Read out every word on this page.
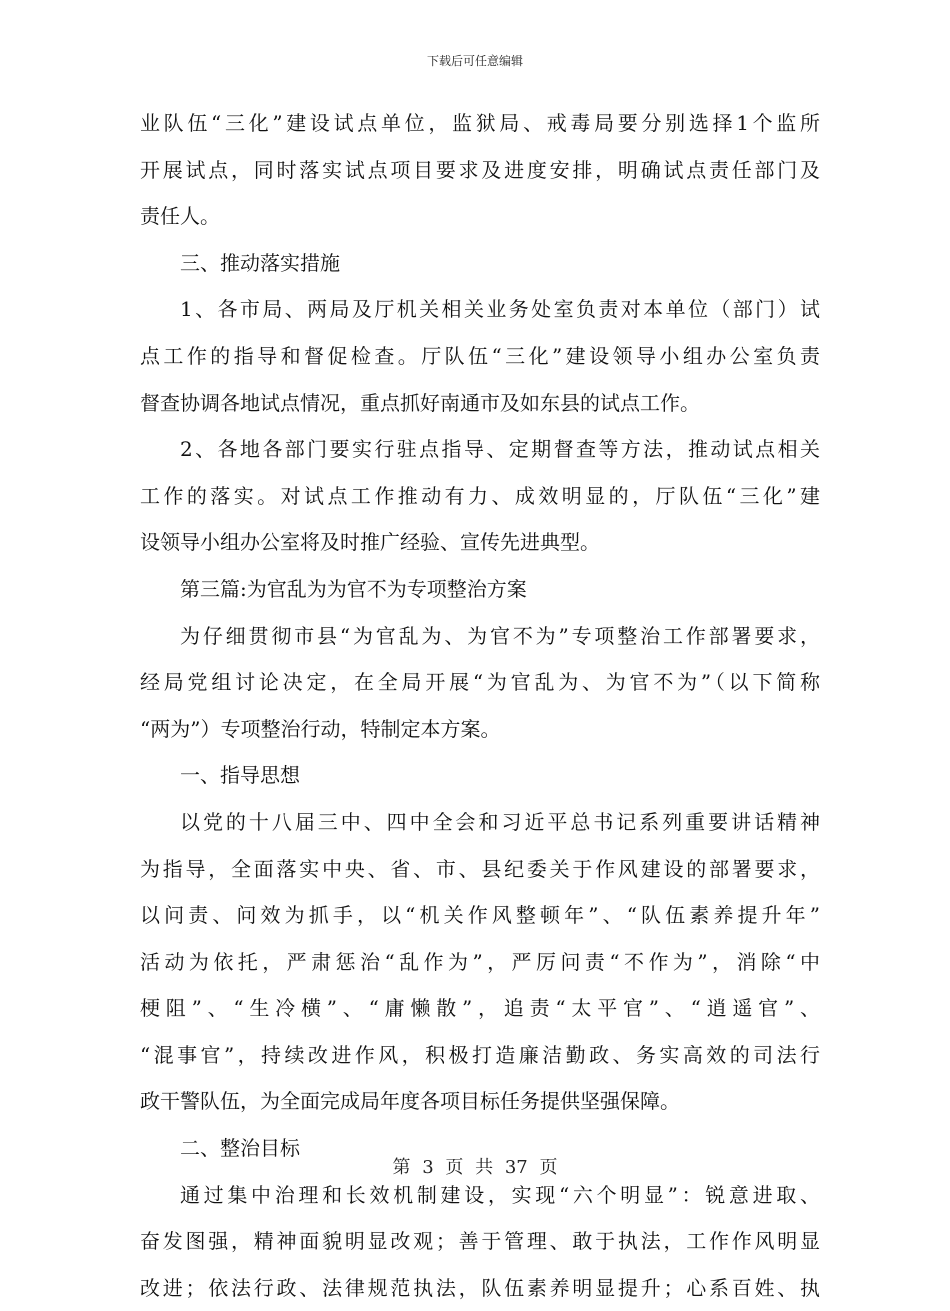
下载后可任意编辑
业队伍“三化”建设试点单位，监狱局、戒毒局要分别选择1个监所
开展试点，同时落实试点项目要求及进度安排，明确试点责任部门及
责任人。
三、推动落实措施
1、各市局、两局及厅机关相关业务处室负责对本单位（部门）试
点工作的指导和督促检查。厅队伍“三化”建设领导小组办公室负责
督查协调各地试点情况，重点抓好南通市及如东县的试点工作。
2、各地各部门要实行驻点指导、定期督查等方法，推动试点相关
工作的落实。对试点工作推动有力、成效明显的，厅队伍“三化”建
设领导小组办公室将及时推广经验、宣传先进典型。
第三篇:为官乱为为官不为专项整治方案
为仔细贯彻市县“为官乱为、为官不为”专项整治工作部署要求，
经局党组讨论决定，在全局开展“为官乱为、为官不为”（以下简称
“两为”）专项整治行动，特制定本方案。
一、指导思想
以党的十八届三中、四中全会和习近平总书记系列重要讲话精神
为指导，全面落实中央、省、市、县纪委关于作风建设的部署要求，
以问责、问效为抓手，以“机关作风整顿年”、“队伍素养提升年”
活动为依托，严肃惩治“乱作为”，严厉问责“不作为”，消除“中
梗阻”、“生冷横”、“庸懒散”，追责“太平官”、“逍遥官”、
“混事官”，持续改进作风，积极打造廉洁勤政、务实高效的司法行
政干警队伍，为全面完成局年度各项目标任务提供坚强保障。
二、整治目标
通过集中治理和长效机制建设，实现“六个明显”：锐意进取、
奋发图强，精神面貌明显改观；善于管理、敢于执法，工作作风明显
改进；依法行政、法律规范执法，队伍素养明显提升；心系百姓、执
第 3 页 共 37 页
